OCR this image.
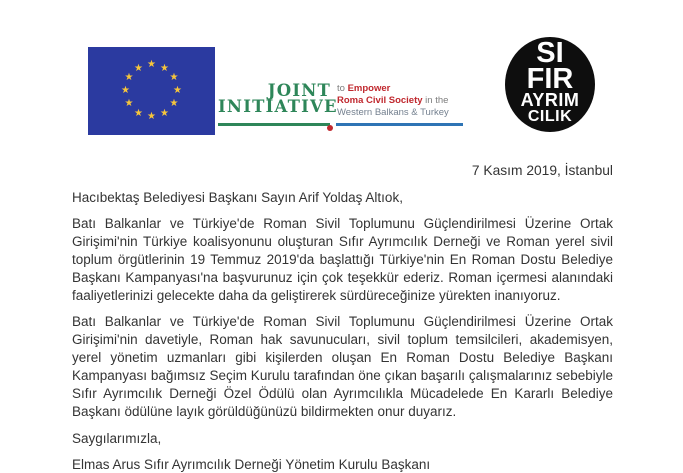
★ ★
★
★
★
★
★
★
★
★
★
★
JOINT
INITIATIVE
to Empower
Roma Civil Society in the
Western Balkans & Turkey
SI
FIR
AYRIM
CILIK
7 Kasım 2019, İstanbul

Hacıbektaş Belediyesi Başkanı Sayın Arif Yoldaş Altıok,

Batı Balkanlar ve Türkiye'de Roman Sivil Toplumunu Güçlendirilmesi Üzerine Ortak Girişimi'nin Türkiye koalisyonunu oluşturan Sıfır Ayrımcılık Derneği ve Roman yerel sivil toplum örgütlerinin 19 Temmuz 2019'da başlattığı Türkiye'nin En Roman Dostu Belediye Başkanı Kampanyası'na başvurunuz için çok teşekkür ederiz. Roman içermesi alanındaki faaliyetlerinizi gelecekte daha da geliştirerek sürdüreceğinize yürekten inanıyoruz.

Batı Balkanlar ve Türkiye'de Roman Sivil Toplumunu Güçlendirilmesi Üzerine Ortak Girişimi'nin davetiyle, Roman hak savunucuları, sivil toplum temsilcileri, akademisyen, yerel yönetim uzmanları gibi kişilerden oluşan En Roman Dostu Belediye Başkanı Kampanyası bağımsız Seçim Kurulu tarafından öne çıkan başarılı çalışmalarınız sebebiyle Sıfır Ayrımcılık Derneği Özel Ödülü olan Ayrımcılıkla Mücadelede En Kararlı Belediye Başkanı ödülüne layık görüldüğünüzü bildirmekten onur duyarız.

Saygılarımızla,

Elmas Arus Sıfır Ayrımcılık Derneği Yönetim Kurulu Başkanı
